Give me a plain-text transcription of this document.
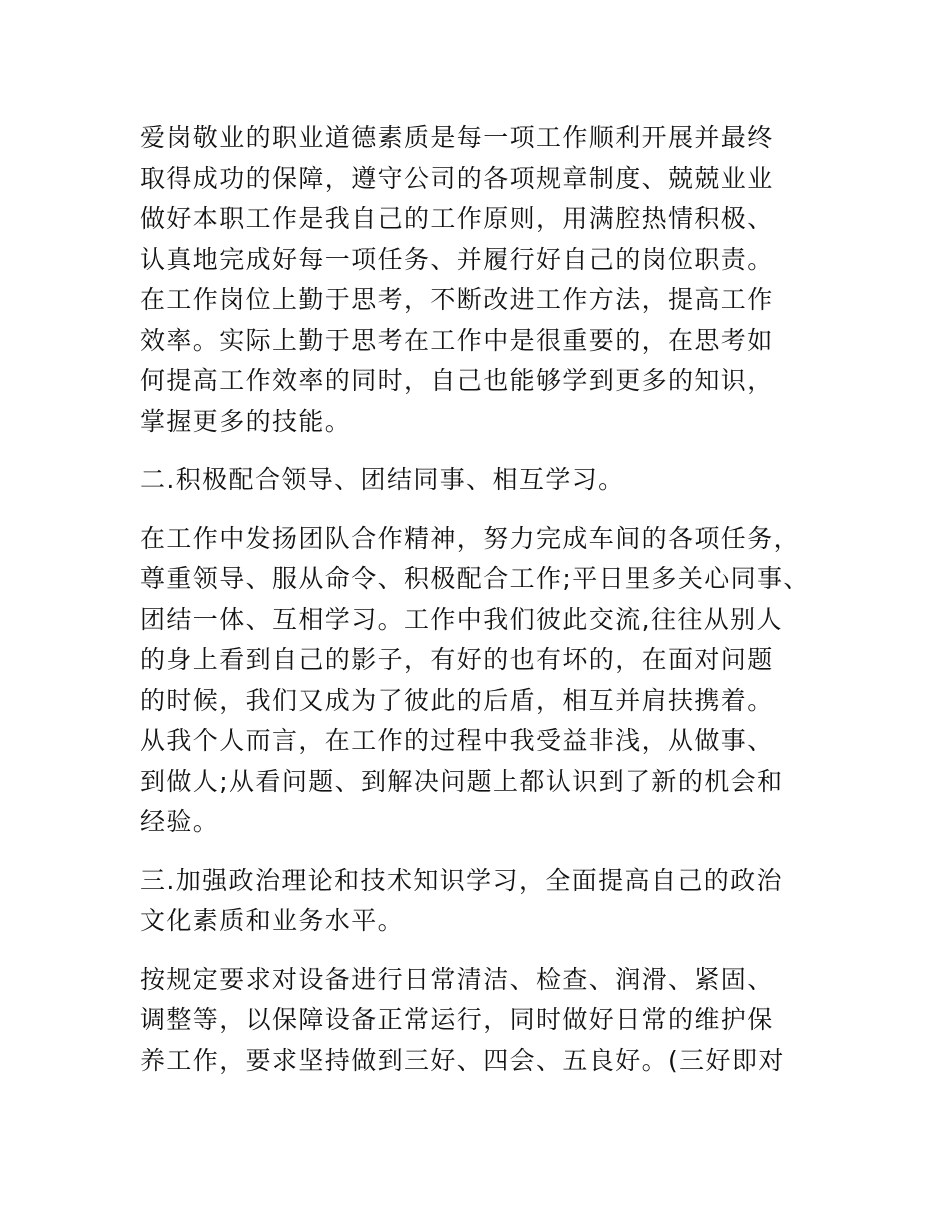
爱岗敬业的职业道德素质是每一项工作顺利开展并最终
取得成功的保障，遵守公司的各项规章制度、兢兢业业
做好本职工作是我自己的工作原则，用满腔热情积极、
认真地完成好每一项任务、并履行好自己的岗位职责。
在工作岗位上勤于思考，不断改进工作方法，提高工作
效率。实际上勤于思考在工作中是很重要的，在思考如
何提高工作效率的同时，自己也能够学到更多的知识，
掌握更多的技能。
二.积极配合领导、团结同事、相互学习。
在工作中发扬团队合作精神，努力完成车间的各项任务，
尊重领导、服从命令、积极配合工作;平日里多关心同事、
团结一体、互相学习。工作中我们彼此交流,往往从别人
的身上看到自己的影子，有好的也有坏的，在面对问题
的时候，我们又成为了彼此的后盾，相互并肩扶携着。
从我个人而言，在工作的过程中我受益非浅，从做事、
到做人;从看问题、到解决问题上都认识到了新的机会和
经验。
三.加强政治理论和技术知识学习，全面提高自己的政治
文化素质和业务水平。
按规定要求对设备进行日常清洁、检查、润滑、紧固、
调整等，以保障设备正常运行，同时做好日常的维护保
养工作，要求坚持做到三好、四会、五良好。(三好即对
